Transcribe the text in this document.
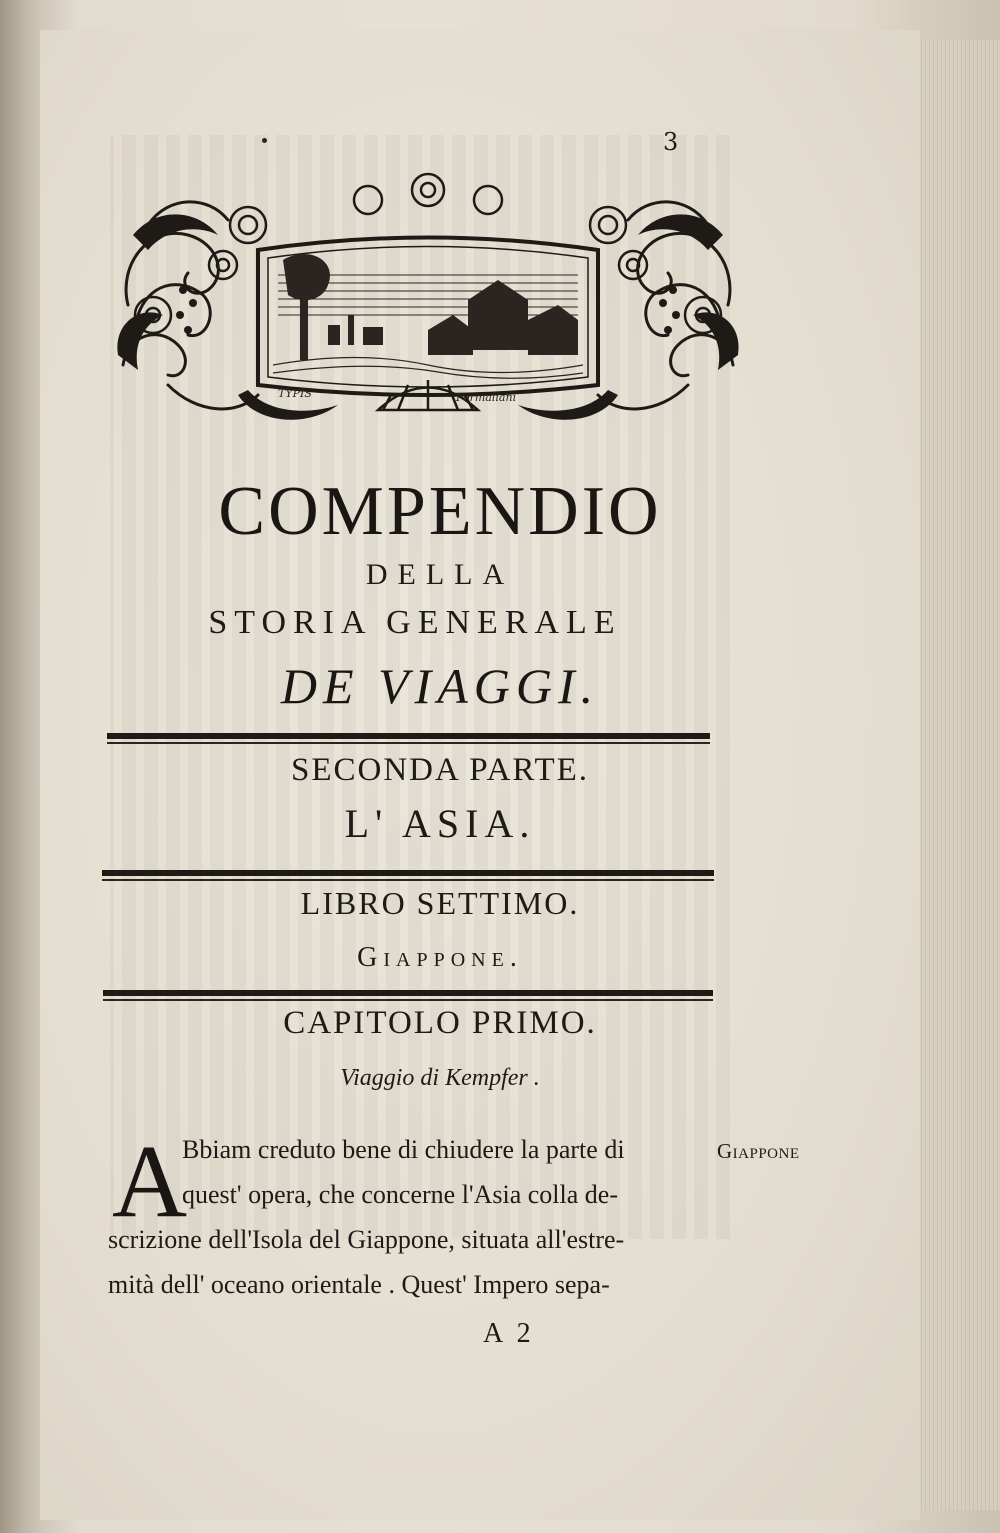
3
TYPIS	Formaliani
COMPENDIO
DELLA
STORIA GENERALE
DE VIAGGI.
SECONDA PARTE.
L' ASIA.
LIBRO SETTIMO.
Giappone.
CAPITOLO PRIMO.
Viaggio di Kempfer .
A
Bbiam creduto bene di chiudere la parte di
quest' opera, che concerne l'Asia colla de-
scrizione dell'Isola del Giappone, situata all'estre-
mità dell' oceano orientale . Quest' Impero sepa-
Giappone
A 2
